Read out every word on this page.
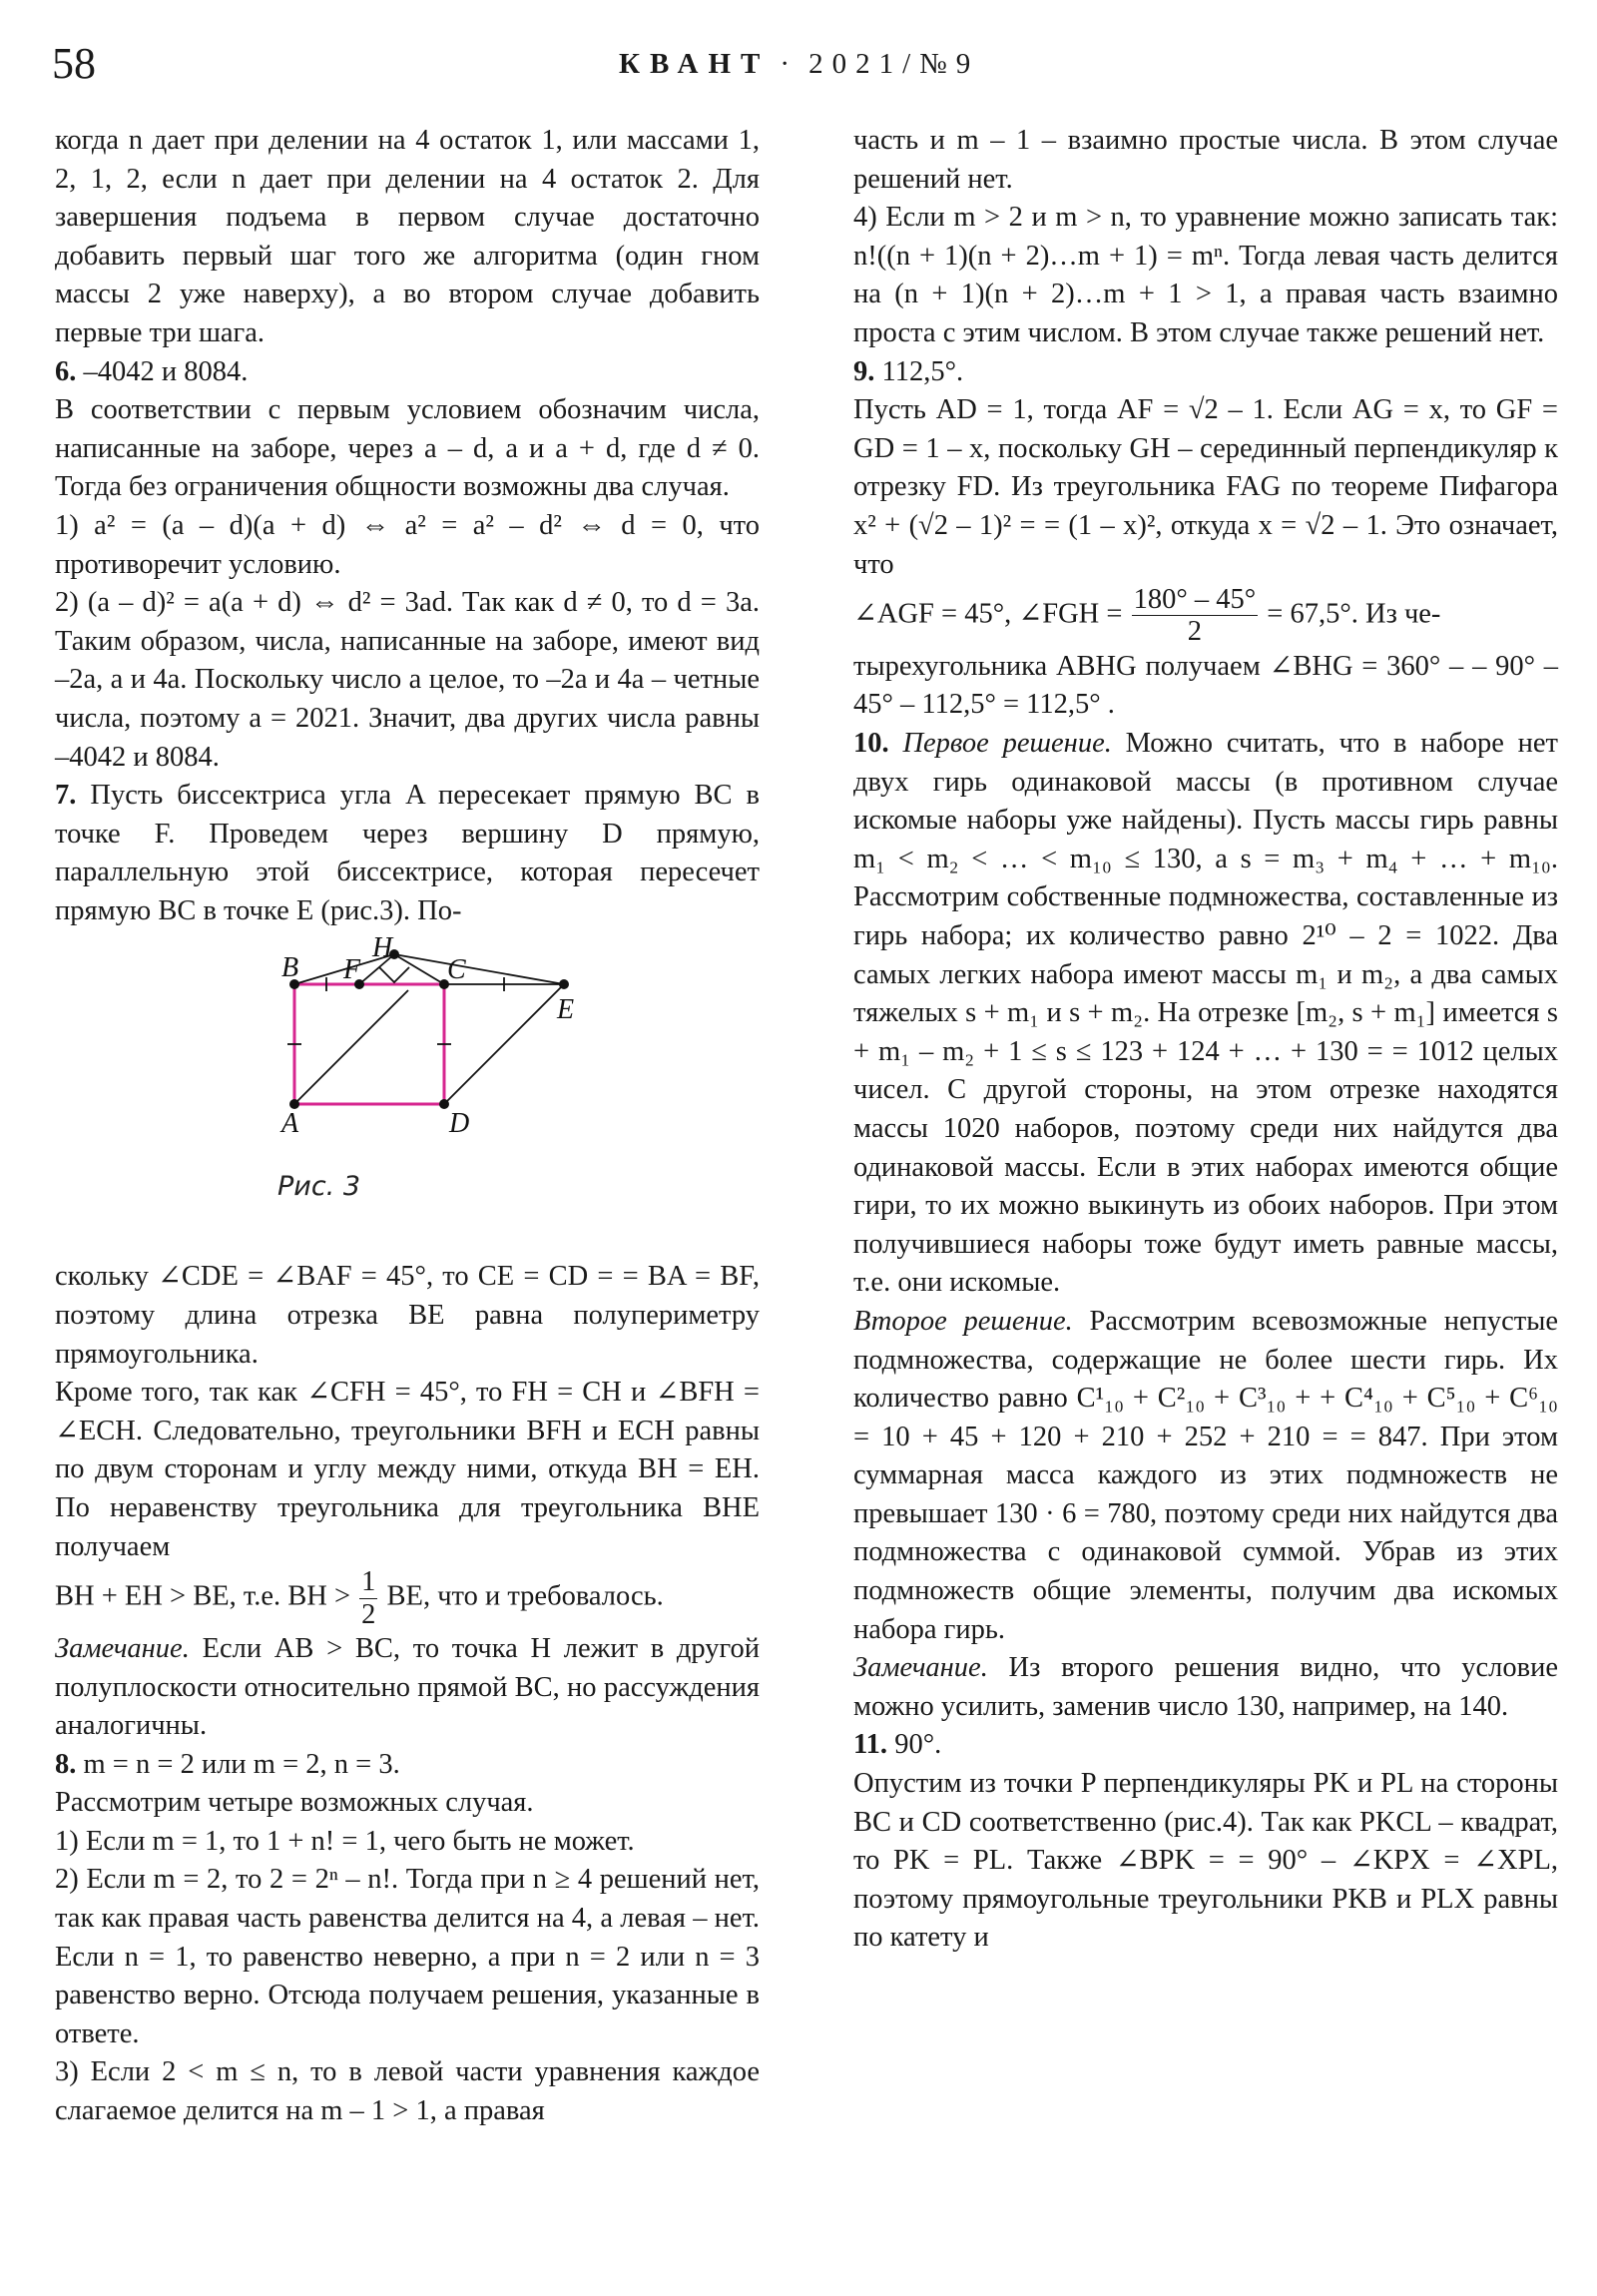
58	КВАНТ · 2021/№9

когда n дает при делении на 4 остаток 1, или массами 1, 2, 1, 2, если n дает при делении на 4 остаток 2. Для завершения подъема в первом случае достаточно добавить первый шаг того же алгоритма (один гном массы 2 уже наверху), а во втором случае добавить первые три шага.

6. –4042 и 8084.

В соответствии с первым условием обозначим числа, написанные на заборе, через a – d, a и a + d, где d ≠ 0. Тогда без ограничения общности возможны два случая.

1) a² = (a – d)(a + d) ⇔ a² = a² – d² ⇔ d = 0, что противоречит условию.

2) (a – d)² = a(a + d) ⇔ d² = 3ad. Так как d ≠ 0, то d = 3a. Таким образом, числа, написанные на заборе, имеют вид –2a, a и 4a. Поскольку число a целое, то –2a и 4a – четные числа, поэтому a = 2021. Значит, два других числа равны –4042 и 8084.

7. Пусть биссектриса угла A пересекает прямую BC в точке F. Проведем через вершину D прямую, параллельную этой биссектрисе, которая пересечет прямую BC в точке E (рис.3). По-

H
B F	C
E
A	D
Рис. 3

скольку ∠CDE = ∠BAF = 45°, то CE = CD = = BA = BF, поэтому длина отрезка BE равна полупериметру прямоугольника.

Кроме того, так как ∠CFH = 45°, то FH = CH и ∠BFH = ∠ECH. Следовательно, треугольники BFH и ECH равны по двум сторонам и углу между ними, откуда BH = EH. По неравенству треугольника для треугольника BHE получаем

BH + EH > BE, т.е. BH > $\frac{1}{2}$ BE, что и требовалось.

Замечание. Если AB > BC, то точка H лежит в другой полуплоскости относительно прямой BC, но рассуждения аналогичны.

8. m = n = 2 или m = 2, n = 3.

Рассмотрим четыре возможных случая.

1) Если m = 1, то 1 + n! = 1, чего быть не может.

2) Если m = 2, то 2 = 2ⁿ – n!. Тогда при n ≥ 4 решений нет, так как правая часть равенства делится на 4, а левая – нет. Если n = 1, то равенство неверно, а при n = 2 или n = 3 равенство верно. Отсюда получаем решения, указанные в ответе.

3) Если 2 < m ≤ n, то в левой части уравнения каждое слагаемое делится на m – 1 > 1, а правая

часть и m – 1 – взаимно простые числа. В этом случае решений нет.

4) Если m > 2 и m > n, то уравнение можно записать так: n!((n + 1)(n + 2)…m + 1) = mⁿ. Тогда левая часть делится на (n + 1)(n + 2)…m + 1 > 1, а правая часть взаимно проста с этим числом. В этом случае также решений нет.

9. 112,5°.

Пусть AD = 1, тогда AF = √2 – 1. Если AG = x, то GF = GD = 1 – x, поскольку GH – серединный перпендикуляр к отрезку FD. Из треугольника FAG по теореме Пифагора x² + (√2 – 1)² = = (1 – x)², откуда x = √2 – 1. Это означает, что

∠AGF = 45°, ∠FGH = $\frac{180^\circ - 45^\circ}{2} = 67,5^\circ$. Из че-

тырехугольника ABHG получаем ∠BHG = 360° – – 90° – 45° – 112,5° = 112,5° .

10. Первое решение. Можно считать, что в наборе нет двух гирь одинаковой массы (в противном случае искомые наборы уже найдены). Пусть массы гирь равны m₁ < m₂ < … < m₁₀ ≤ 130, а s = m₃ + m₄ + … + m₁₀. Рассмотрим собственные подмножества, составленные из гирь набора; их количество равно 2¹⁰ – 2 = 1022. Два самых легких набора имеют массы m₁ и m₂, а два самых тяжелых s + m₁ и s + m₂. На отрезке [m₂, s + m₁] имеется s + m₁ – m₂ + 1 ≤ s ≤ 123 + 124 + … + 130 = = 1012 целых чисел. С другой стороны, на этом отрезке находятся массы 1020 наборов, поэтому среди них найдутся два одинаковой массы. Если в этих наборах имеются общие гири, то их можно выкинуть из обоих наборов. При этом получившиеся наборы тоже будут иметь равные массы, т.е. они искомые.

Второе решение. Рассмотрим всевозможные непустые подмножества, содержащие не более шести гирь. Их количество равно C¹₁₀ + C²₁₀ + C³₁₀ + + C⁴₁₀ + C⁵₁₀ + C⁶₁₀ = 10 + 45 + 120 + 210 + 252 + 210 = = 847. При этом суммарная масса каждого из этих подмножеств не превышает 130 · 6 = 780, поэтому среди них найдутся два подмножества с одинаковой суммой. Убрав из этих подмножеств общие элементы, получим два искомых набора гирь.

Замечание. Из второго решения видно, что условие можно усилить, заменив число 130, например, на 140.

11. 90°.

Опустим из точки P перпендикуляры PK и PL на стороны BC и CD соответственно (рис.4). Так как PKCL – квадрат, то PK = PL. Также ∠BPK = = 90° – ∠KPX = ∠XPL, поэтому прямоугольные треугольники PKB и PLX равны по катету и
